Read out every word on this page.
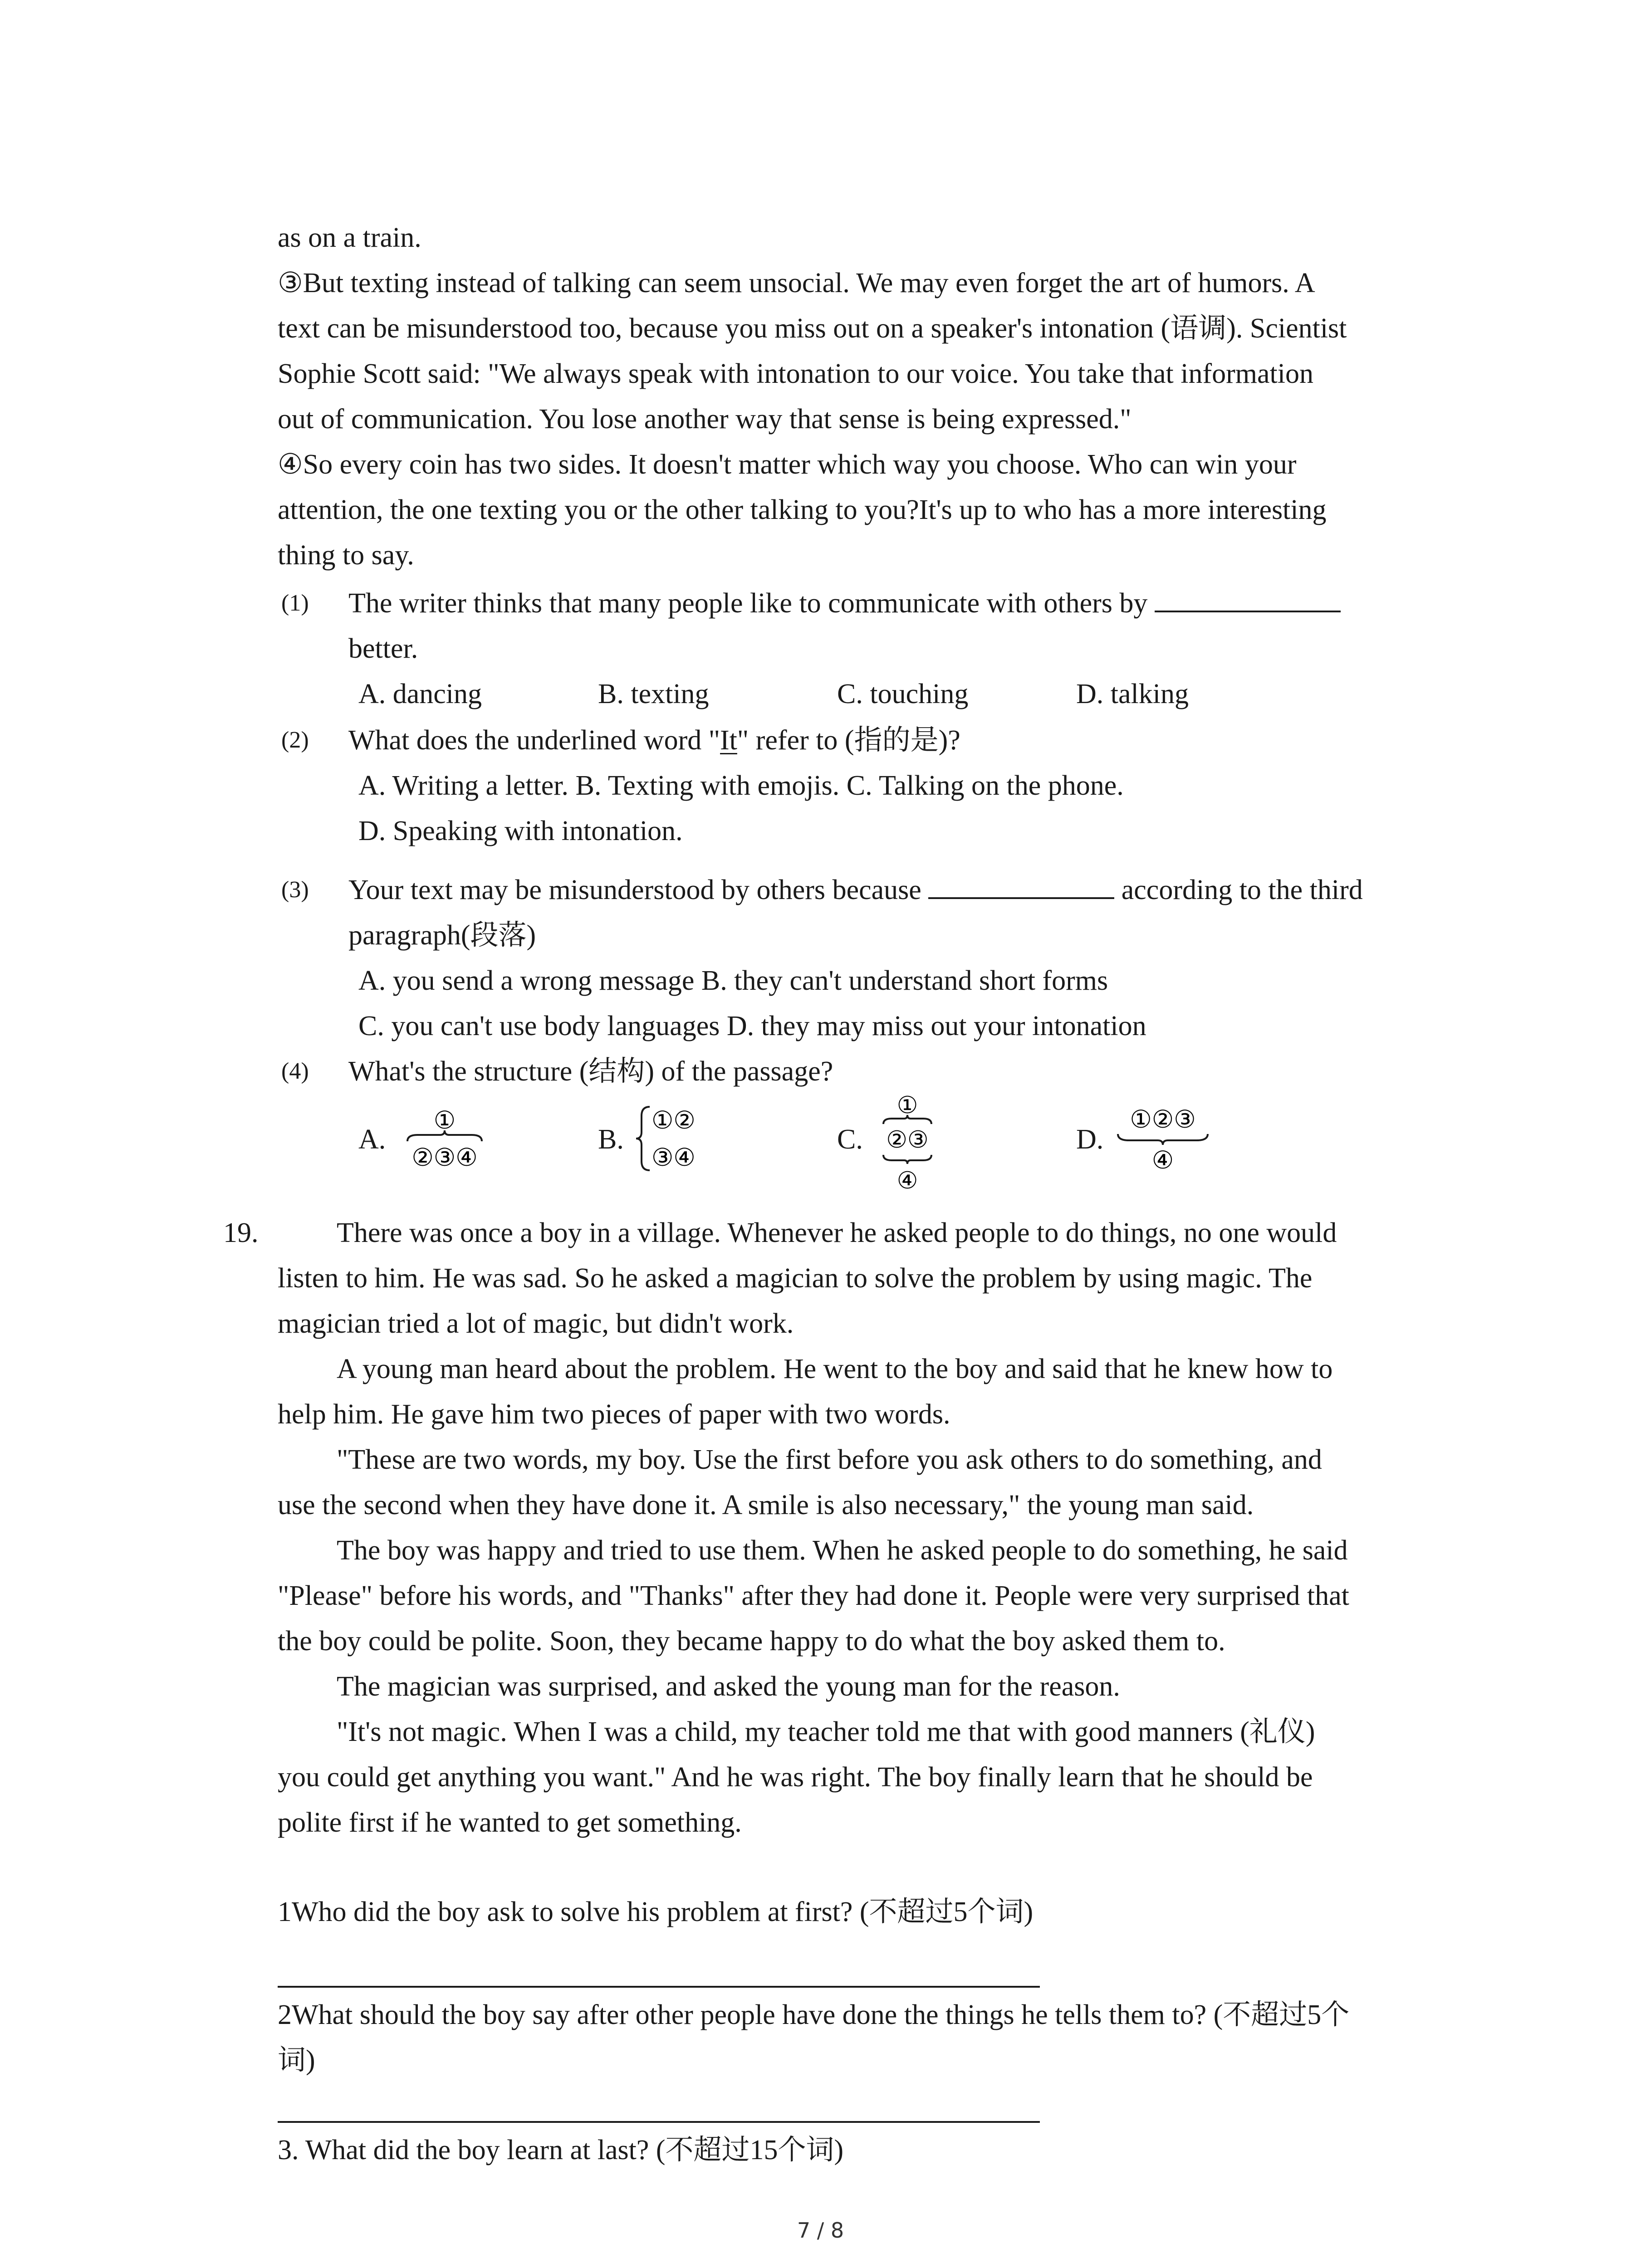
as on a train.
③But texting instead of talking can seem unsocial. We may even forget the art of humors. A
text can be misunderstood too, because you miss out on a speaker's intonation (语调). Scientist
Sophie Scott said: "We always speak with intonation to our voice. You take that information
out of communication. You lose another way that sense is being expressed."
④So every coin has two sides. It doesn't matter which way you choose. Who can win your
attention, the one texting you or the other talking to you?It's up to who has a more interesting
thing to say.
(1) The writer thinks that many people like to communicate with others by
better.
A. dancing	B. texting	C. touching	D. talking
(2) What does the underlined word "It" refer to (指的是)?
A. Writing a letter. B. Texting with emojis. C. Talking on the phone.
D. Speaking with intonation.
(3) Your text may be misunderstood by others because	according to the third
paragraph(段落)
A. you send a wrong message B. they can't understand short forms
C. you can't use body languages D. they may miss out your intonation
(4) What's the structure (结构) of the passage?
A.
①
②③④
B.
①②
③④
C.
①
②③
④
D.
①②③
④
19.	There was once a boy in a village. Whenever he asked people to do things, no one would
listen to him. He was sad. So he asked a magician to solve the problem by using magic. The
magician tried a lot of magic, but didn't work.
A young man heard about the problem. He went to the boy and said that he knew how to
help him. He gave him two pieces of paper with two words.
"These are two words, my boy. Use the first before you ask others to do something, and
use the second when they have done it. A smile is also necessary," the young man said.
The boy was happy and tried to use them. When he asked people to do something, he said
"Please" before his words, and "Thanks" after they had done it. People were very surprised that
the boy could be polite. Soon, they became happy to do what the boy asked them to.
The magician was surprised, and asked the young man for the reason.
"It's not magic. When I was a child, my teacher told me that with good manners (礼仪)
you could get anything you want." And he was right. The boy finally learn that he should be
polite first if he wanted to get something.
1Who did the boy ask to solve his problem at first? (不超过5个词)
2What should the boy say after other people have done the things he tells them to? (不超过5个
词)
3. What did the boy learn at last? (不超过15个词)
7 / 8
